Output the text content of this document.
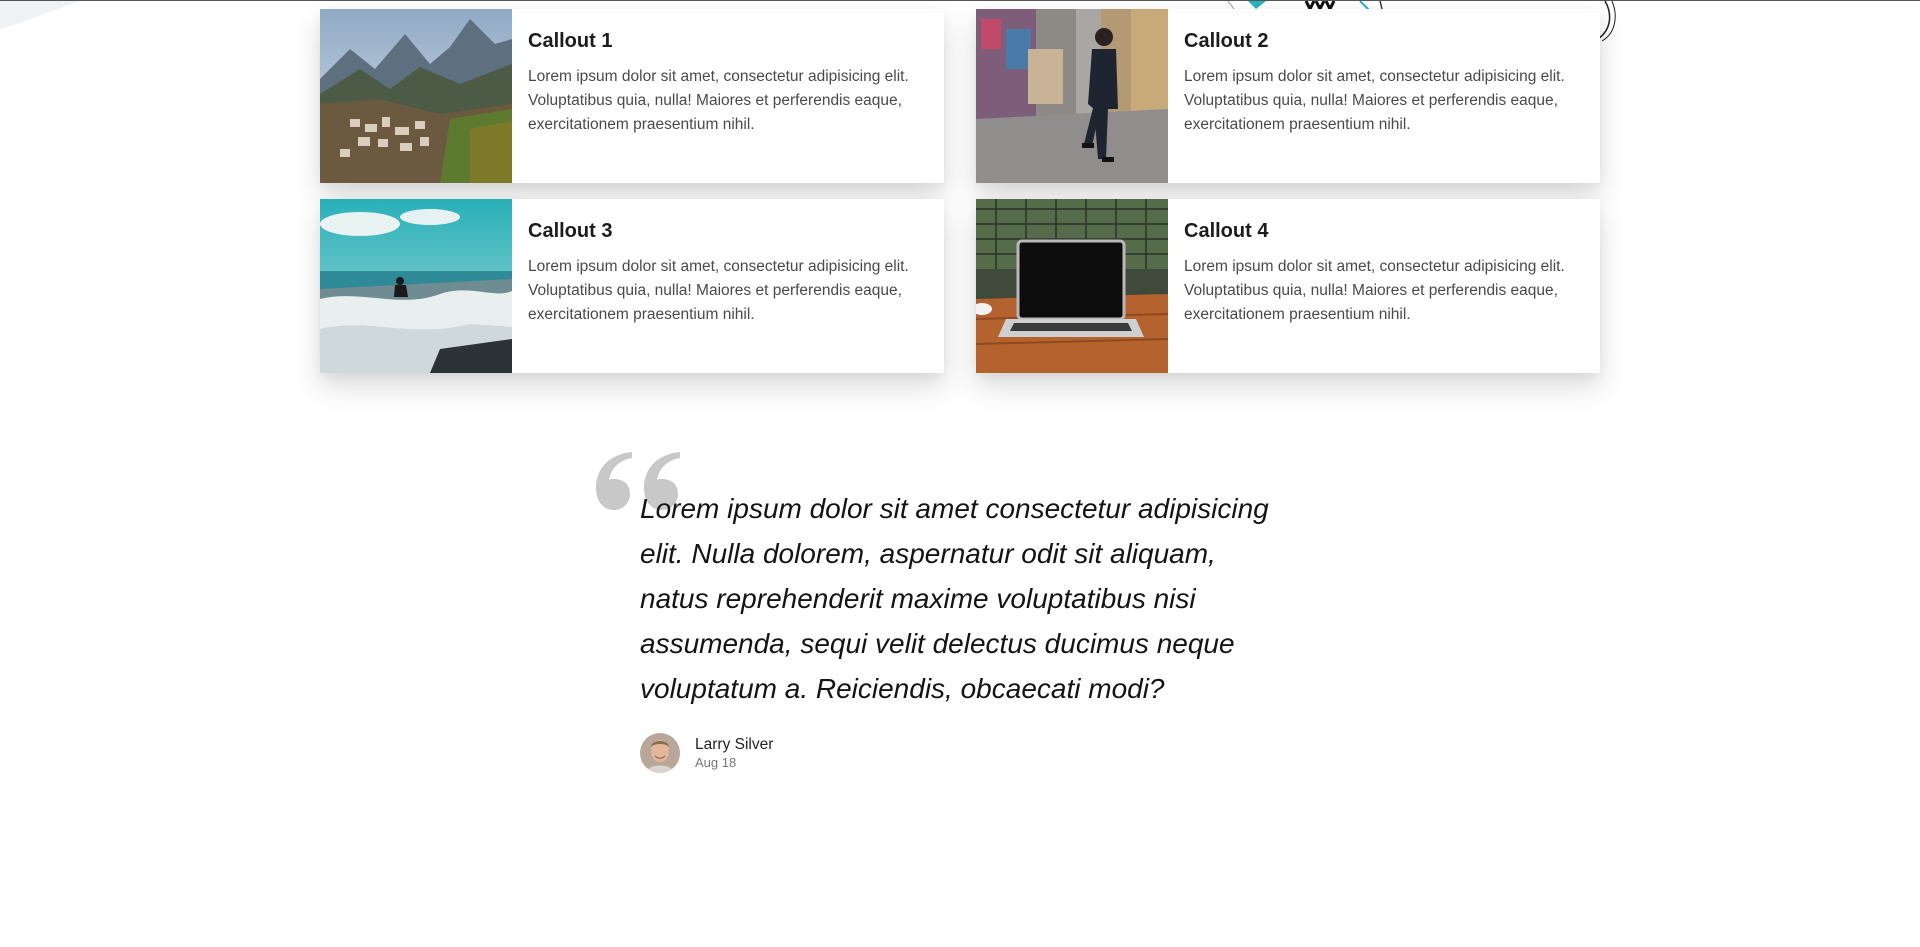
Callout 1

Lorem ipsum dolor sit amet, consectetur adipisicing elit. Voluptatibus quia, nulla! Maiores et perferendis eaque, exercitationem praesentium nihil.

Callout 2

Lorem ipsum dolor sit amet, consectetur adipisicing elit. Voluptatibus quia, nulla! Maiores et perferendis eaque, exercitationem praesentium nihil.

Callout 3

Lorem ipsum dolor sit amet, consectetur adipisicing elit. Voluptatibus quia, nulla! Maiores et perferendis eaque, exercitationem praesentium nihil.

Callout 4

Lorem ipsum dolor sit amet, consectetur adipisicing elit. Voluptatibus quia, nulla! Maiores et perferendis eaque, exercitationem praesentium nihil.

Lorem ipsum dolor sit amet consectetur adipisicing elit. Nulla dolorem, aspernatur odit sit aliquam, natus reprehenderit maxime voluptatibus nisi assumenda, sequi velit delectus ducimus neque voluptatum a. Reiciendis, obcaecati modi?

Larry Silver
Aug 18
